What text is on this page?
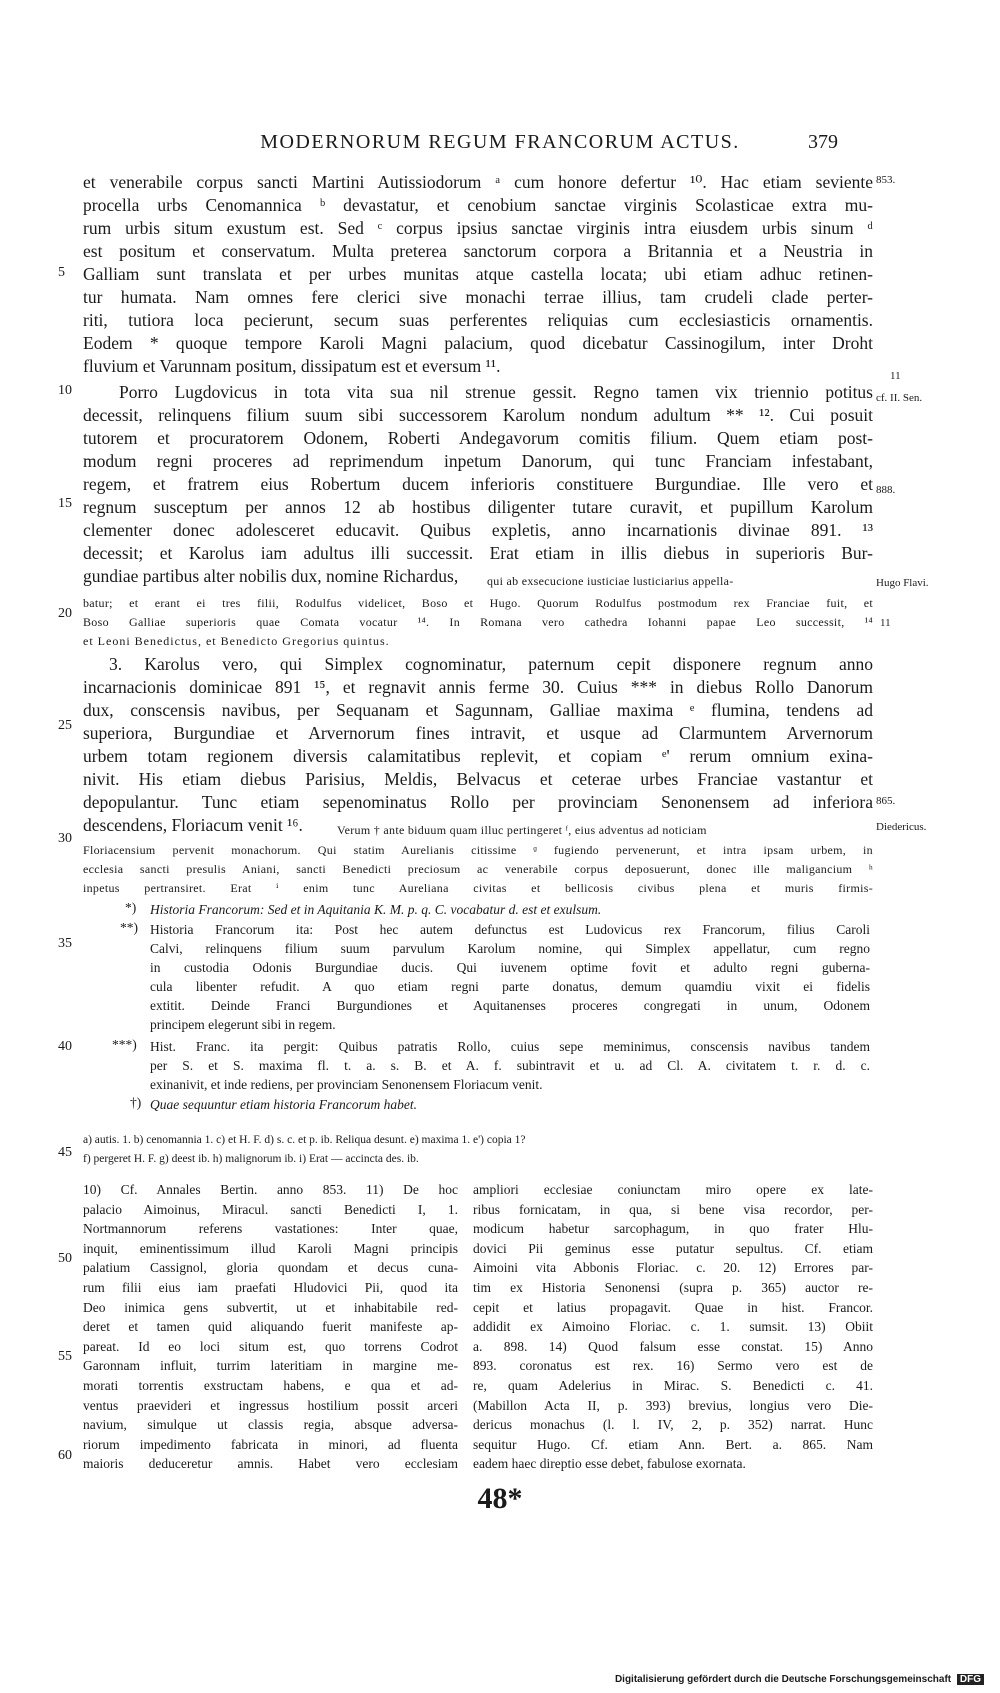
MODERNORUM REGUM FRANCORUM ACTUS.	379
5
10
15
20
25
30
35
40
45
50
55
60
853.
11
cf. II. Sen.
888.
Hugo Flavi.
11
865.
Diedericus.
et venerabile corpus sancti Martini Autissiodorum ᵃ cum honore defertur ¹⁰. Hac etiam seviente
procella urbs Cenomannica ᵇ devastatur, et cenobium sanctae virginis Scolasticae extra mu-
rum urbis situm exustum est. Sed ᶜ corpus ipsius sanctae virginis intra eiusdem urbis sinum ᵈ
est positum et conservatum. Multa preterea sanctorum corpora a Britannia et a Neustria in
Galliam sunt translata et per urbes munitas atque castella locata; ubi etiam adhuc retinen-
tur humata. Nam omnes fere clerici sive monachi terrae illius, tam crudeli clade perter-
riti, tutiora loca pecierunt, secum suas perferentes reliquias cum ecclesiasticis ornamentis.
Eodem * quoque tempore Karoli Magni palacium, quod dicebatur Cassinogilum, inter Droht
fluvium et Varunnam positum, dissipatum est et eversum ¹¹.
Porro Lugdovicus in tota vita sua nil strenue gessit. Regno tamen vix triennio potitus
decessit, relinquens filium suum sibi successorem Karolum nondum adultum ** ¹². Cui posuit
tutorem et procuratorem Odonem, Roberti Andegavorum comitis filium. Quem etiam post-
modum regni proceres ad reprimendum inpetum Danorum, qui tunc Franciam infestabant,
regem, et fratrem eius Robertum ducem inferioris constituere Burgundiae. Ille vero et
regnum susceptum per annos 12 ab hostibus diligenter tutare curavit, et pupillum Karolum
clementer donec adolesceret educavit. Quibus expletis, anno incarnationis divinae 891. ¹³
decessit; et Karolus iam adultus illi successit. Erat etiam in illis diebus in superioris Bur-
gundiae partibus alter nobilis dux, nomine Richardus,	qui ab exsecucione iusticiae lusticiarius appella-
batur; et erant ei tres filii, Rodulfus videlicet, Boso et Hugo. Quorum Rodulfus postmodum rex Franciae fuit, et
Boso Galliae superioris quae Comata vocatur ¹⁴. In Romana vero cathedra Iohanni papae Leo successit, ¹⁴
et Leoni Benedictus, et Benedicto Gregorius quintus.
3. Karolus vero, qui Simplex cognominatur, paternum cepit disponere regnum anno
incarnacionis dominicae 891 ¹⁵, et regnavit annis ferme 30. Cuius *** in diebus Rollo Danorum
dux, conscensis navibus, per Sequanam et Sagunnam, Galliae maxima ᵉ flumina, tendens ad
superiora, Burgundiae et Arvernorum fines intravit, et usque ad Clarmuntem Arvernorum
urbem totam regionem diversis calamitatibus replevit, et copiam ᵉ' rerum omnium exina-
nivit. His etiam diebus Parisius, Meldis, Belvacus et ceterae urbes Franciae vastantur et
depopulantur. Tunc etiam sepenominatus Rollo per provinciam Senonensem ad inferiora
descendens, Floriacum venit ¹⁶.	Verum † ante biduum quam illuc pertingeret ᶠ, eius adventus ad noticiam
Floriacensium pervenit monachorum. Qui statim Aurelianis citissime ᶢ fugiendo pervenerunt, et intra ipsam urbem, in
ecclesia sancti presulis Aniani, sancti Benedicti preciosum ac venerabile corpus deposuerunt, donec ille maligancium ʰ
inpetus pertransiret. Erat ⁱ enim tunc Aureliana civitas et bellicosis civibus plena et muris firmis-
*) Historia Francorum: Sed et in Aquitania K. M. p. q. C. vocabatur d. est et exulsum.
**) Historia Francorum ita: Post hec autem defunctus est Ludovicus rex Francorum, filius Caroli
Calvi, relinquens filium suum parvulum Karolum nomine, qui Simplex appellatur, cum regno
in custodia Odonis Burgundiae ducis. Qui iuvenem optime fovit et adulto regni guberna-
cula libenter refudit. A quo etiam regni parte donatus, demum quamdiu vixit ei fidelis
extitit. Deinde Franci Burgundiones et Aquitanenses proceres congregati in unum, Odonem
principem elegerunt sibi in regem.
***) Hist. Franc. ita pergit: Quibus patratis Rollo, cuius sepe meminimus, conscensis navibus tandem
per S. et S. maxima fl. t. a. s. B. et A. f. subintravit et u. ad Cl. A. civitatem t. r. d. c.
exinanivit, et inde rediens, per provinciam Senonensem Floriacum venit.
†) Quae sequuntur etiam historia Francorum habet.
a) autis. 1. b) cenomannia 1. c) et H. F. d) s. c. et p. ib. Reliqua desunt. e) maxima 1. e') copia 1?
f) pergeret H. F. g) deest ib. h) malignorum ib. i) Erat — accincta des. ib.
10) Cf. Annales Bertin. anno 853. 11) De hoc
palacio Aimoinus, Miracul. sancti Benedicti I, 1.
Nortmannorum referens vastationes: Inter quae,
inquit, eminentissimum illud Karoli Magni principis
palatium Cassignol, gloria quondam et decus cuna-
rum filii eius iam praefati Hludovici Pii, quod ita
Deo inimica gens subvertit, ut et inhabitabile red-
deret et tamen quid aliquando fuerit manifeste ap-
pareat. Id eo loci situm est, quo torrens Codrot
Garonnam influit, turrim lateritiam in margine me-
morati torrentis exstructam habens, e qua et ad-
ventus praevideri et ingressus hostilium possit arceri
navium, simulque ut classis regia, absque adversa-
riorum impedimento fabricata in minori, ad fluenta
maioris deduceretur amnis. Habet vero ecclesiam
ampliori ecclesiae coniunctam miro opere ex late-
ribus fornicatam, in qua, si bene visa recordor, per-
modicum habetur sarcophagum, in quo frater Hlu-
dovici Pii geminus esse putatur sepultus. Cf. etiam
Aimoini vita Abbonis Floriac. c. 20. 12) Errores par-
tim ex Historia Senonensi (supra p. 365) auctor re-
cepit et latius propagavit. Quae in hist. Francor.
addidit ex Aimoino Floriac. c. 1. sumsit. 13) Obiit
a. 898. 14) Quod falsum esse constat. 15) Anno
893. coronatus est rex. 16) Sermo vero est de
re, quam Adelerius in Mirac. S. Benedicti c. 41.
(Mabillon Acta II, p. 393) brevius, longius vero Die-
dericus monachus (l. l. IV, 2, p. 352) narrat. Hunc
sequitur Hugo. Cf. etiam Ann. Bert. a. 865. Nam
eadem haec direptio esse debet, fabulose exornata.
48*
Digitalisierung gefördert durch die Deutsche Forschungsgemeinschaft DFG
